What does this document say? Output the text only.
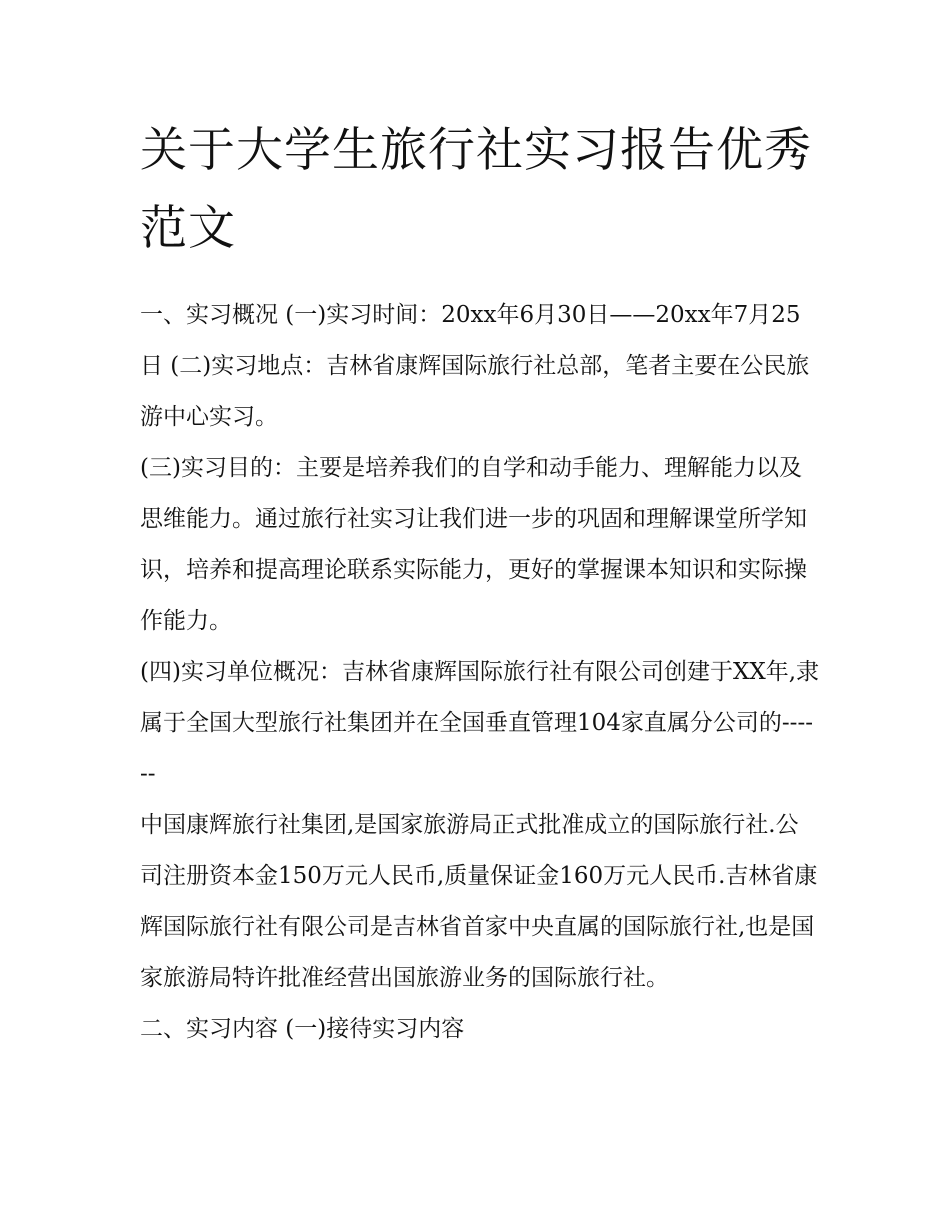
关于大学生旅行社实习报告优秀范文

一、实习概况 (一)实习时间：20xx年6月30日——20xx年7月25日 (二)实习地点：吉林省康辉国际旅行社总部，笔者主要在公民旅游中心实习。

(三)实习目的：主要是培养我们的自学和动手能力、理解能力以及思维能力。通过旅行社实习让我们进一步的巩固和理解课堂所学知识，培养和提高理论联系实际能力，更好的掌握课本知识和实际操作能力。

(四)实习单位概况：吉林省康辉国际旅行社有限公司创建于XX年,隶属于全国大型旅行社集团并在全国垂直管理104家直属分公司的------

中国康辉旅行社集团,是国家旅游局正式批准成立的国际旅行社.公司注册资本金150万元人民币,质量保证金160万元人民币.吉林省康辉国际旅行社有限公司是吉林省首家中央直属的国际旅行社,也是国家旅游局特许批准经营出国旅游业务的国际旅行社。

二、实习内容 (一)接待实习内容
